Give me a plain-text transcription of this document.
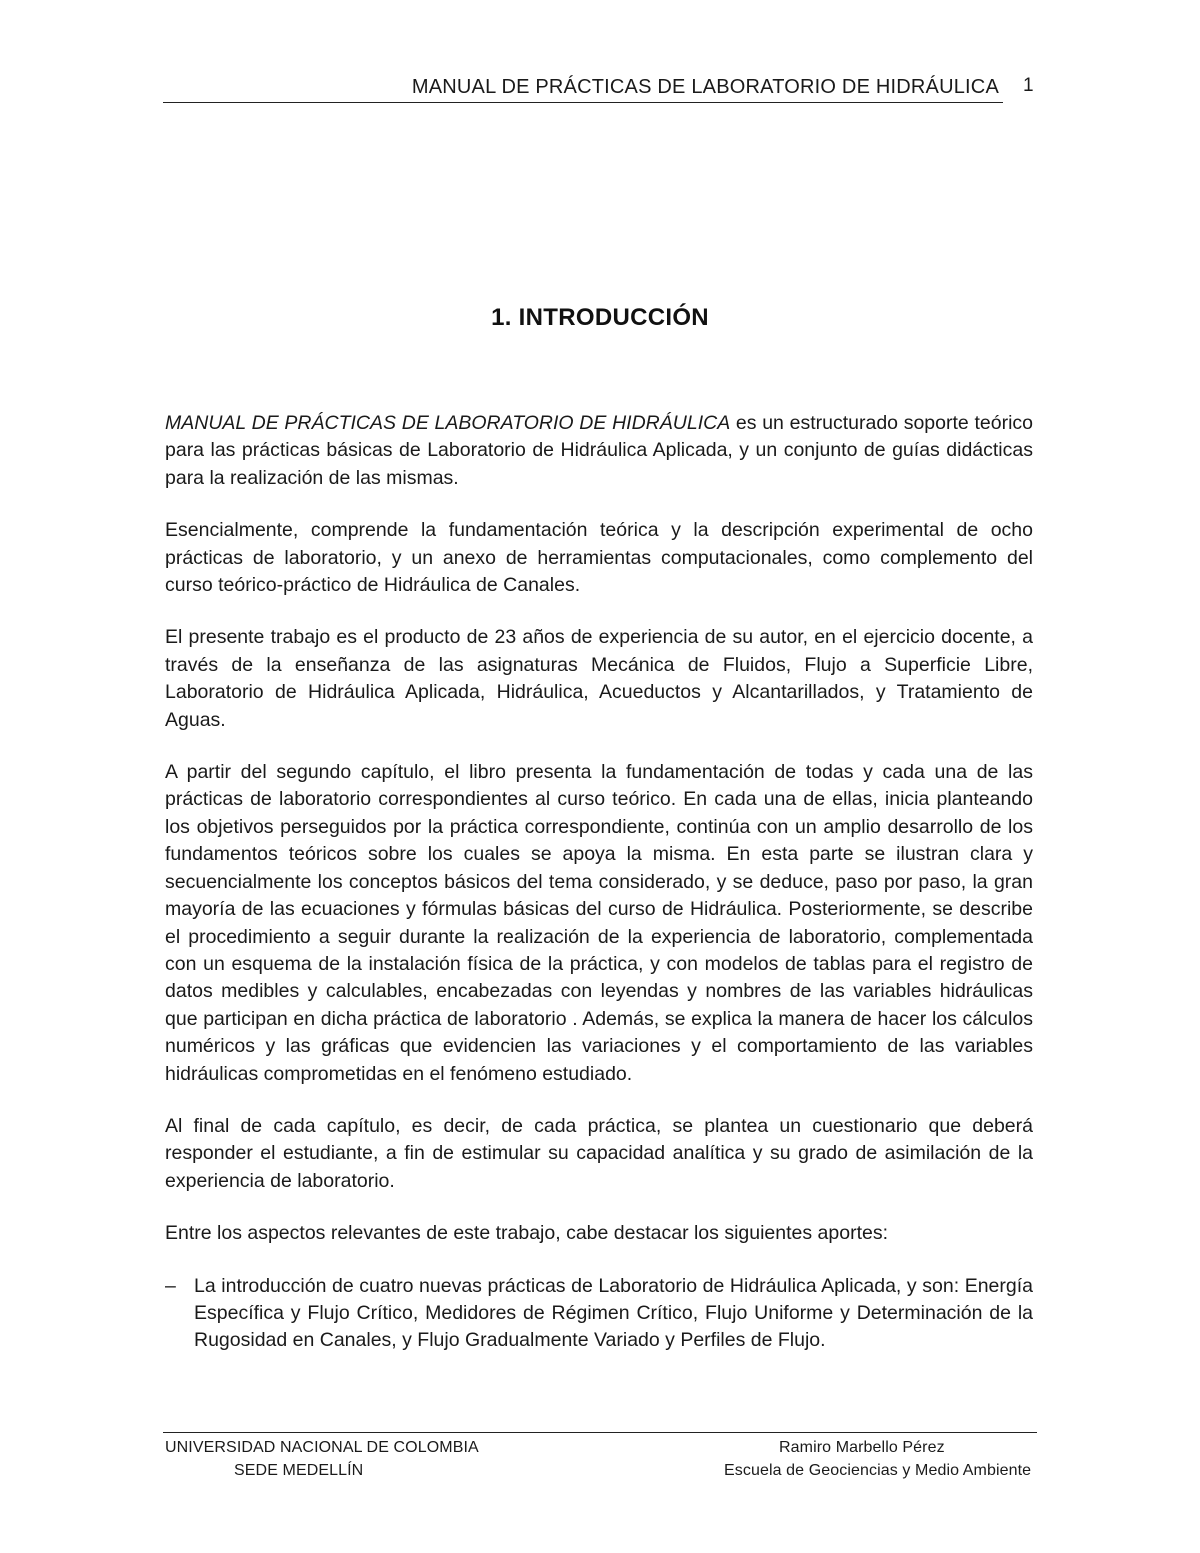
MANUAL DE PRÁCTICAS DE LABORATORIO DE HIDRÁULICA 1
1. INTRODUCCIÓN

MANUAL DE PRÁCTICAS DE LABORATORIO DE HIDRÁULICA es un estructurado soporte teórico para las prácticas básicas de Laboratorio de Hidráulica Aplicada, y un conjunto de guías didácticas para la realización de las mismas.

Esencialmente, comprende la fundamentación teórica y la descripción experimental de ocho prácticas de laboratorio, y un anexo de herramientas computacionales, como complemento del curso teórico-práctico de Hidráulica de Canales.

El presente trabajo es el producto de 23 años de experiencia de su autor, en el ejercicio docente, a través de la enseñanza de las asignaturas Mecánica de Fluidos, Flujo a Superficie Libre, Laboratorio de Hidráulica Aplicada, Hidráulica, Acueductos y Alcantarillados, y Tratamiento de Aguas.

A partir del segundo capítulo, el libro presenta la fundamentación de todas y cada una de las prácticas de laboratorio correspondientes al curso teórico. En cada una de ellas, inicia planteando los objetivos perseguidos por la práctica correspondiente, continúa con un amplio desarrollo de los fundamentos teóricos sobre los cuales se apoya la misma. En esta parte se ilustran clara y secuencialmente los conceptos básicos del tema considerado, y se deduce, paso por paso, la gran mayoría de las ecuaciones y fórmulas básicas del curso de Hidráulica. Posteriormente, se describe el procedimiento a seguir durante la realización de la experiencia de laboratorio, complementada con un esquema de la instalación física de la práctica, y con modelos de tablas para el registro de datos medibles y calculables, encabezadas con leyendas y nombres de las variables hidráulicas que participan en dicha práctica de laboratorio . Además, se explica la manera de hacer los cálculos numéricos y las gráficas que evidencien las variaciones y el comportamiento de las variables hidráulicas comprometidas en el fenómeno estudiado.

Al final de cada capítulo, es decir, de cada práctica, se plantea un cuestionario que deberá responder el estudiante, a fin de estimular su capacidad analítica y su grado de asimilación de la experiencia de laboratorio.

Entre los aspectos relevantes de este trabajo, cabe destacar los siguientes aportes:

– La introducción de cuatro nuevas prácticas de Laboratorio de Hidráulica Aplicada, y son: Energía Específica y Flujo Crítico, Medidores de Régimen Crítico, Flujo Uniforme y Determinación de la Rugosidad en Canales, y Flujo Gradualmente Variado y Perfiles de Flujo.
UNIVERSIDAD NACIONAL DE COLOMBIA
SEDE MEDELLÍN
Ramiro Marbello Pérez
Escuela de Geociencias y Medio Ambiente
